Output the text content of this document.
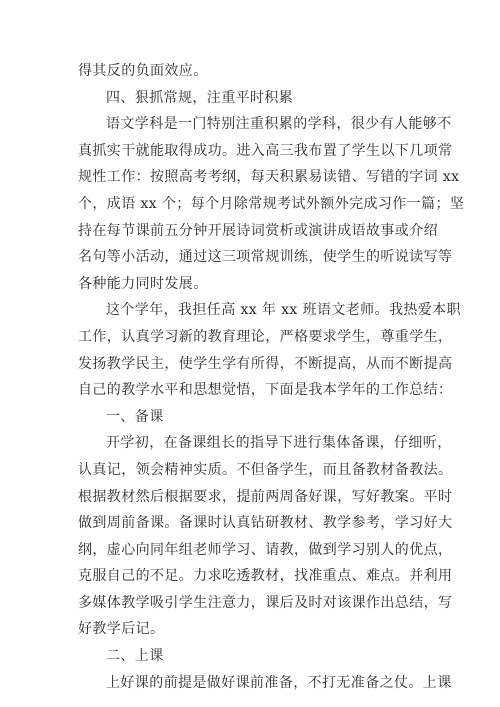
得其反的负面效应。
四、狠抓常规，注重平时积累
语文学科是一门特别注重积累的学科，很少有人能够不
真抓实干就能取得成功。进入高三我布置了学生以下几项常
规性工作：按照高考考纲，每天积累易读错、写错的字词 xx
个，成语 xx 个；每个月除常规考试外额外完成习作一篇；坚
持在每节课前五分钟开展诗词赏析或演讲成语故事或介绍
名句等小活动，通过这三项常规训练，使学生的听说读写等
各种能力同时发展。
这个学年，我担任高 xx 年 xx 班语文老师。我热爱本职
工作，认真学习新的教育理论，严格要求学生，尊重学生，
发扬教学民主，使学生学有所得，不断提高，从而不断提高
自己的教学水平和思想觉悟，下面是我本学年的工作总结：
一、备课
开学初，在备课组长的指导下进行集体备课，仔细听，
认真记，领会精神实质。不但备学生，而且备教材备教法。
根据教材然后根据要求，提前两周备好课，写好教案。平时
做到周前备课。备课时认真钻研教材、教学参考，学习好大
纲，虚心向同年组老师学习、请教，做到学习别人的优点，
克服自己的不足。力求吃透教材，找准重点、难点。并利用
多媒体教学吸引学生注意力，课后及时对该课作出总结，写
好教学后记。
二、上课
上好课的前提是做好课前准备，不打无准备之仗。上课
